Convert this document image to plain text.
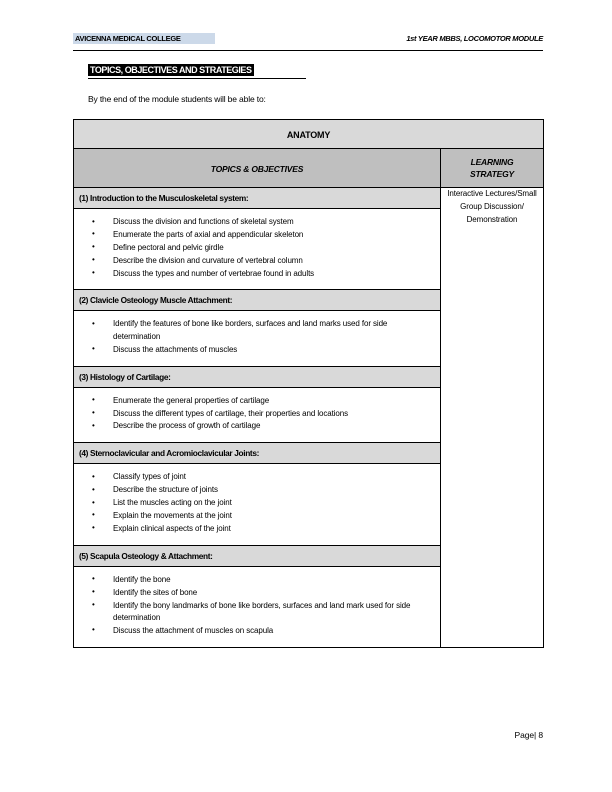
AVICENNA MEDICAL COLLEGE	1st YEAR MBBS, LOCOMOTOR MODULE
TOPICS, OBJECTIVES AND STRATEGIES
By the end of the module students will be able to:
ANATOMY	
TOPICS & OBJECTIVES	LEARNING
STRATEGY

(1) Introduction to the Musculoskeletal system:
• Discuss the division and functions of skeletal system
• Enumerate the parts of axial and appendicular skeleton
• Define pectoral and pelvic girdle
• Describe the division and curvature of vertebral column
• Discuss the types and number of vertebrae found in adults
(2) Clavicle Osteology Muscle Attachment:
• Identify the features of bone like borders, surfaces and land marks used for side determination
• Discuss the attachments of muscles
(3) Histology of Cartilage:
• Enumerate the general properties of cartilage
• Discuss the different types of cartilage, their properties and locations
• Describe the process of growth of cartilage
(4) Sternoclavicular and Acromioclavicular Joints:
• Classify types of joint
• Describe the structure of joints
• List the muscles acting on the joint
• Explain the movements at the joint
• Explain clinical aspects of the joint
(5) Scapula Osteology & Attachment:
• Identify the bone
• Identify the sites of bone
• Identify the bony landmarks of bone like borders, surfaces and land mark used for side determination
• Discuss the attachment of muscles on scapula
	Interactive Lectures/Small Group Discussion/ Demonstration
Page| 8
